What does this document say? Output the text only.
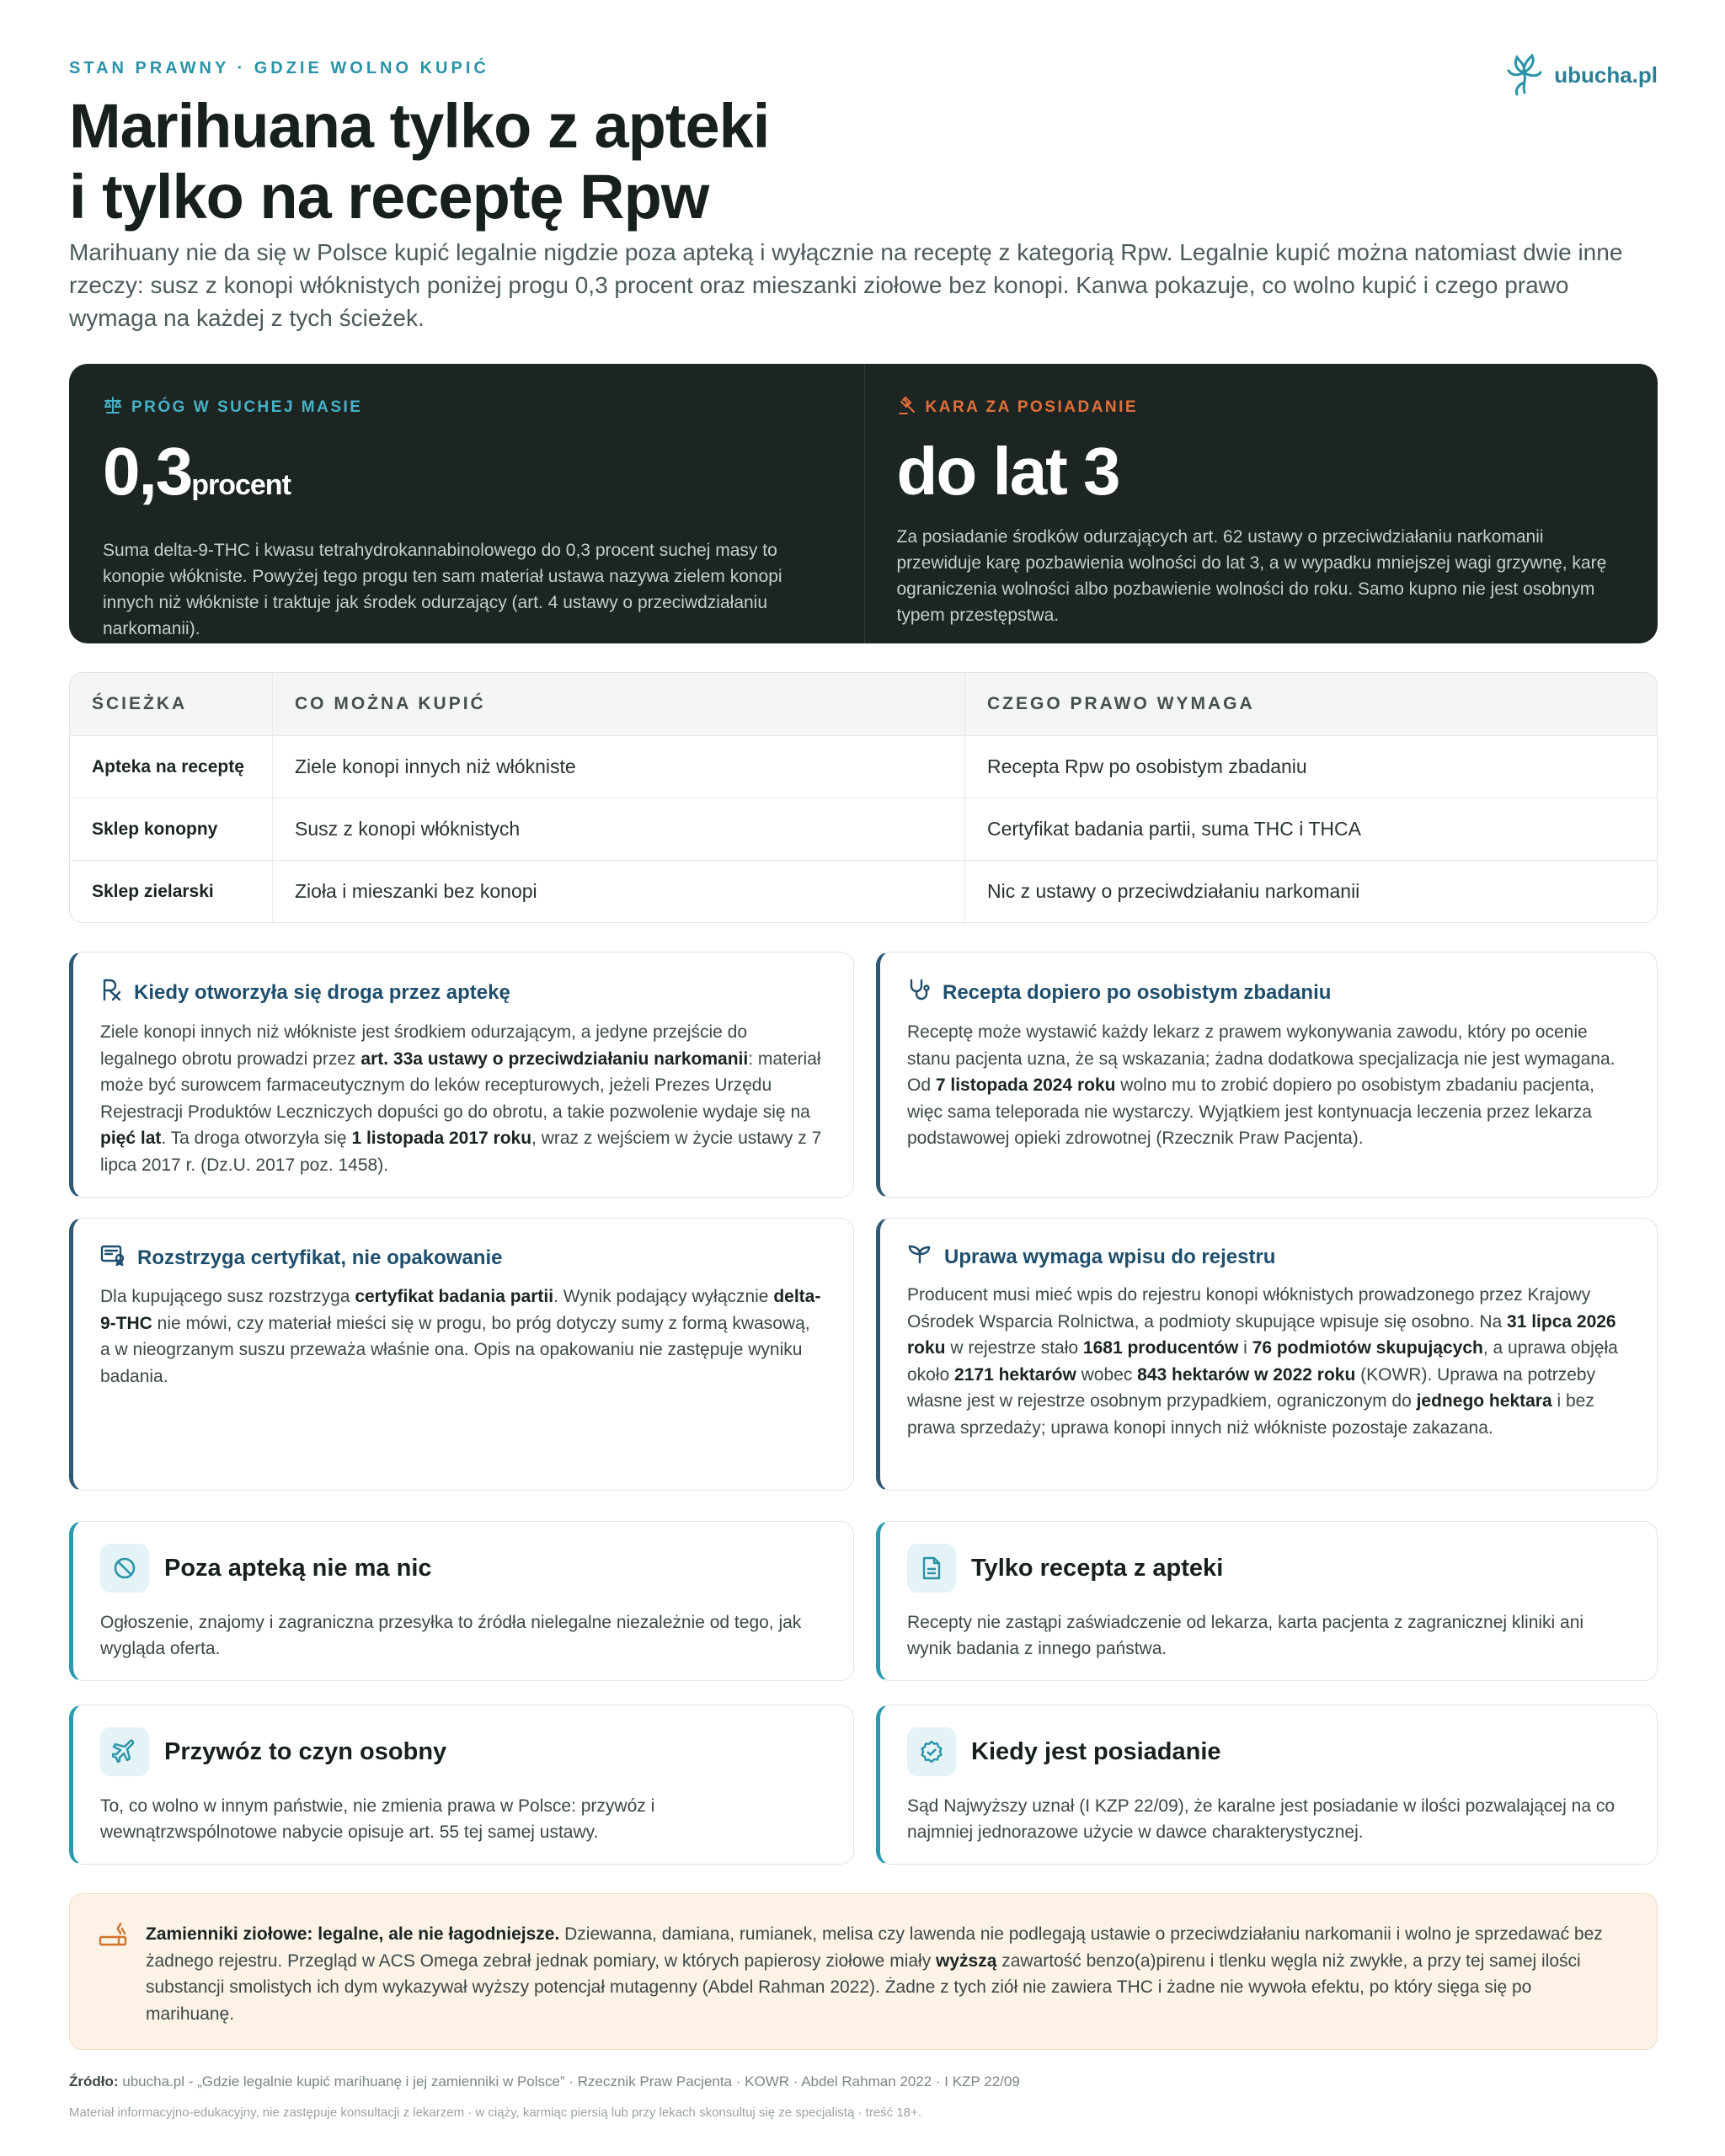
STAN PRAWNY · GDZIE WOLNO KUPIĆ	ubucha.pl
Marihuana tylko z apteki
i tylko na receptę Rpw

Marihuany nie da się w Polsce kupić legalnie nigdzie poza apteką i wyłącznie na receptę z kategorią Rpw. Legalnie kupić można natomiast dwie inne rzeczy: susz z konopi włóknistych poniżej progu 0,3 procent oraz mieszanki ziołowe bez konopi. Kanwa pokazuje, co wolno kupić i czego prawo wymaga na każdej z tych ścieżek.

PRÓG W SUCHEJ MASIE
0,3procent

Suma delta-9-THC i kwasu tetrahydrokannabinolowego do 0,3 procent suchej masy to konopie włókniste. Powyżej tego progu ten sam materiał ustawa nazywa zielem konopi innych niż włókniste i traktuje jak środek odurzający (art. 4 ustawy o przeciwdziałaniu narkomanii).

KARA ZA POSIADANIE
do lat 3

Za posiadanie środków odurzających art. 62 ustawy o przeciwdziałaniu narkomanii przewiduje karę pozbawienia wolności do lat 3, a w wypadku mniejszej wagi grzywnę, karę ograniczenia wolności albo pozbawienie wolności do roku. Samo kupno nie jest osobnym typem przestępstwa.

ŚCIEŻKA	CO MOŻNA KUPIĆ	CZEGO PRAWO WYMAGA
Apteka na receptę	Ziele konopi innych niż włókniste	Recepta Rpw po osobistym zbadaniu
Sklep konopny	Susz z konopi włóknistych	Certyfikat badania partii, suma THC i THCA
Sklep zielarski	Zioła i mieszanki bez konopi	Nic z ustawy o przeciwdziałaniu narkomanii
Kiedy otworzyła się droga przez aptekę

Ziele konopi innych niż włókniste jest środkiem odurzającym, a jedyne przejście do legalnego obrotu prowadzi przez art. 33a ustawy o przeciwdziałaniu narkomanii: materiał może być surowcem farmaceutycznym do leków recepturowych, jeżeli Prezes Urzędu Rejestracji Produktów Leczniczych dopuści go do obrotu, a takie pozwolenie wydaje się na pięć lat. Ta droga otworzyła się 1 listopada 2017 roku, wraz z wejściem w życie ustawy z 7 lipca 2017 r. (Dz.U. 2017 poz. 1458).

Recepta dopiero po osobistym zbadaniu

Receptę może wystawić każdy lekarz z prawem wykonywania zawodu, który po ocenie stanu pacjenta uzna, że są wskazania; żadna dodatkowa specjalizacja nie jest wymagana. Od 7 listopada 2024 roku wolno mu to zrobić dopiero po osobistym zbadaniu pacjenta, więc sama teleporada nie wystarczy. Wyjątkiem jest kontynuacja leczenia przez lekarza podstawowej opieki zdrowotnej (Rzecznik Praw Pacjenta).

Rozstrzyga certyfikat, nie opakowanie

Dla kupującego susz rozstrzyga certyfikat badania partii. Wynik podający wyłącznie delta-9-THC nie mówi, czy materiał mieści się w progu, bo próg dotyczy sumy z formą kwasową, a w nieogrzanym suszu przeważa właśnie ona. Opis na opakowaniu nie zastępuje wyniku badania.

Uprawa wymaga wpisu do rejestru

Producent musi mieć wpis do rejestru konopi włóknistych prowadzonego przez Krajowy Ośrodek Wsparcia Rolnictwa, a podmioty skupujące wpisuje się osobno. Na 31 lipca 2026 roku w rejestrze stało 1681 producentów i 76 podmiotów skupujących, a uprawa objęła około 2171 hektarów wobec 843 hektarów w 2022 roku (KOWR). Uprawa na potrzeby własne jest w rejestrze osobnym przypadkiem, ograniczonym do jednego hektara i bez prawa sprzedaży; uprawa konopi innych niż włókniste pozostaje zakazana.

Poza apteką nie ma nic

Ogłoszenie, znajomy i zagraniczna przesyłka to źródła nielegalne niezależnie od tego, jak wygląda oferta.

Tylko recepta z apteki

Recepty nie zastąpi zaświadczenie od lekarza, karta pacjenta z zagranicznej kliniki ani wynik badania z innego państwa.

Przywóz to czyn osobny

To, co wolno w innym państwie, nie zmienia prawa w Polsce: przywóz i wewnątrzwspólnotowe nabycie opisuje art. 55 tej samej ustawy.

Kiedy jest posiadanie

Sąd Najwyższy uznał (I KZP 22/09), że karalne jest posiadanie w ilości pozwalającej na co najmniej jednorazowe użycie w dawce charakterystycznej.

Zamienniki ziołowe: legalne, ale nie łagodniejsze. Dziewanna, damiana, rumianek, melisa czy lawenda nie podlegają ustawie o przeciwdziałaniu narkomanii i wolno je sprzedawać bez żadnego rejestru. Przegląd w ACS Omega zebrał jednak pomiary, w których papierosy ziołowe miały wyższą zawartość benzo(a)pirenu i tlenku węgla niż zwykłe, a przy tej samej ilości substancji smolistych ich dym wykazywał wyższy potencjał mutagenny (Abdel Rahman 2022). Żadne z tych ziół nie zawiera THC i żadne nie wywoła efektu, po który sięga się po marihuanę.

Źródło: ubucha.pl - „Gdzie legalnie kupić marihuanę i jej zamienniki w Polsce” · Rzecznik Praw Pacjenta · KOWR · Abdel Rahman 2022 · I KZP 22/09
Materiał informacyjno-edukacyjny, nie zastępuje konsultacji z lekarzem · w ciąży, karmiąc piersią lub przy lekach skonsultuj się ze specjalistą · treść 18+.
